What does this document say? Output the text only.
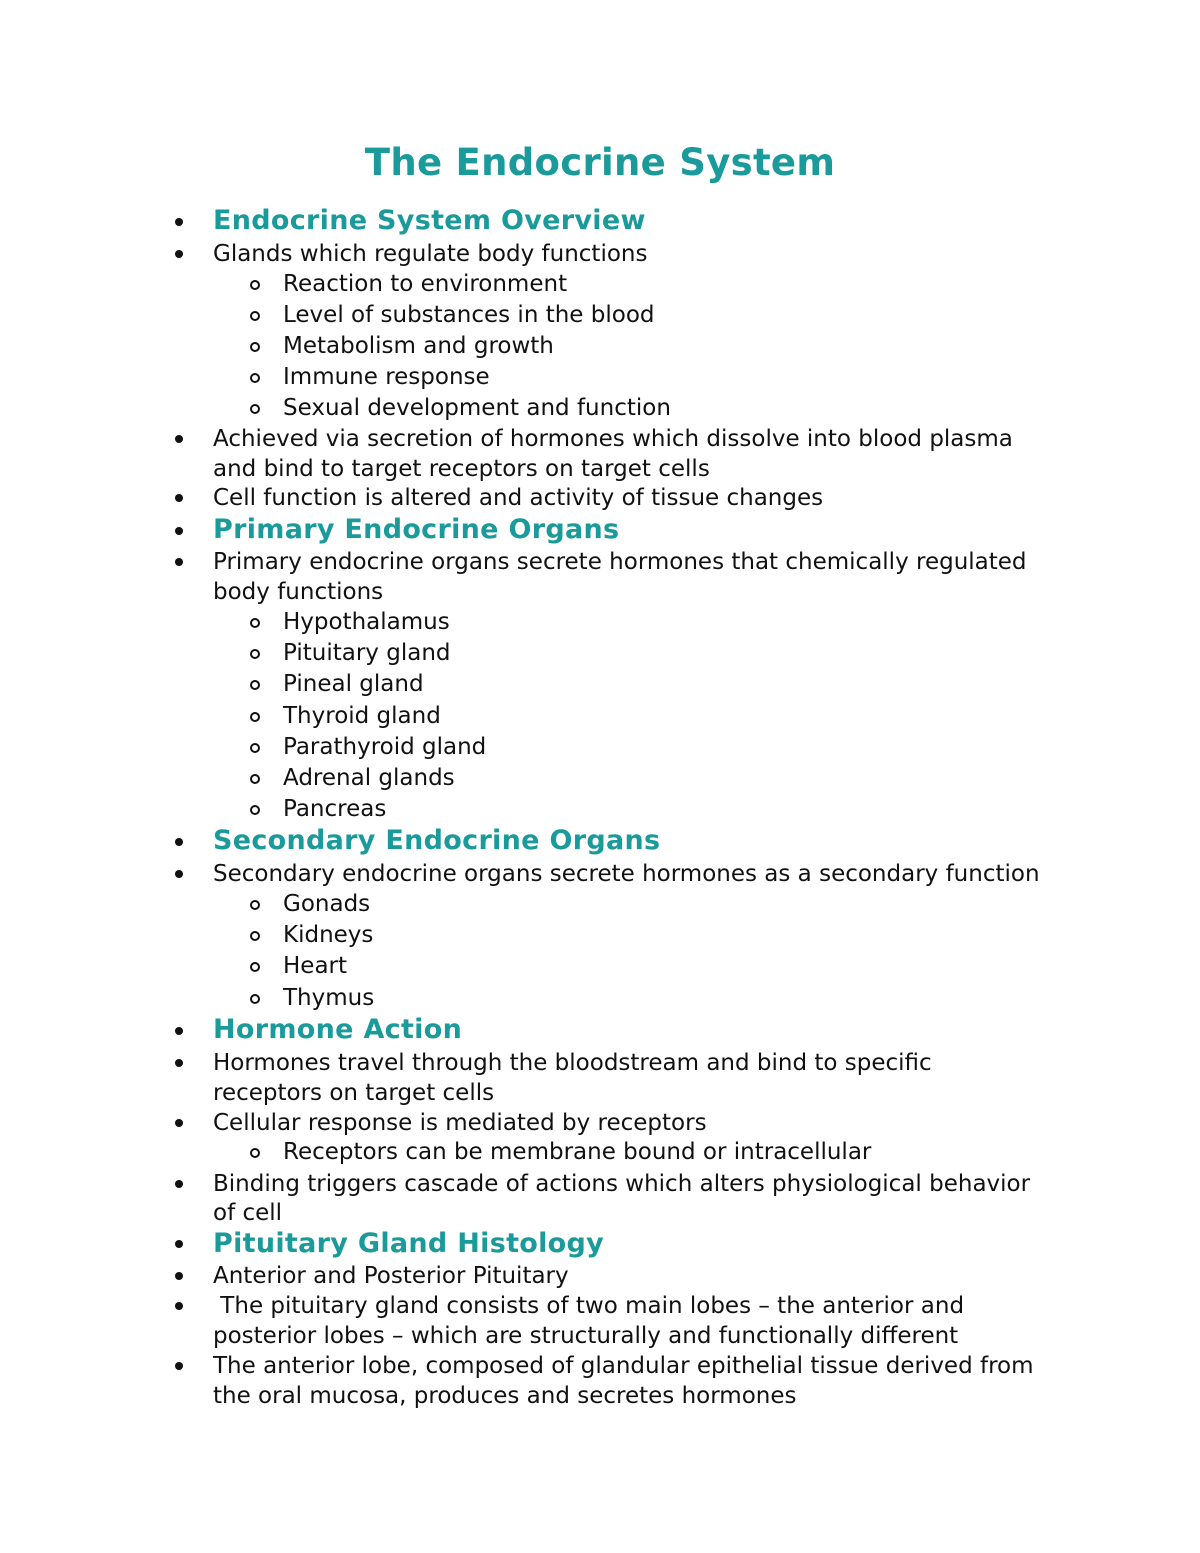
The Endocrine System
Endocrine System Overview
Glands which regulate body functions
Reaction to environment
Level of substances in the blood
Metabolism and growth
Immune response
Sexual development and function
Achieved via secretion of hormones which dissolve into blood plasma
and bind to target receptors on target cells
Cell function is altered and activity of tissue changes
Primary Endocrine Organs
Primary endocrine organs secrete hormones that chemically regulated
body functions
Hypothalamus
Pituitary gland
Pineal gland
Thyroid gland
Parathyroid gland
Adrenal glands
Pancreas
Secondary Endocrine Organs
Secondary endocrine organs secrete hormones as a secondary function
Gonads
Kidneys
Heart
Thymus
Hormone Action
Hormones travel through the bloodstream and bind to specific
receptors on target cells
Cellular response is mediated by receptors
Receptors can be membrane bound or intracellular
Binding triggers cascade of actions which alters physiological behavior
of cell
Pituitary Gland Histology
Anterior and Posterior Pituitary
The pituitary gland consists of two main lobes – the anterior and
posterior lobes – which are structurally and functionally different
The anterior lobe, composed of glandular epithelial tissue derived from
the oral mucosa, produces and secretes hormones
